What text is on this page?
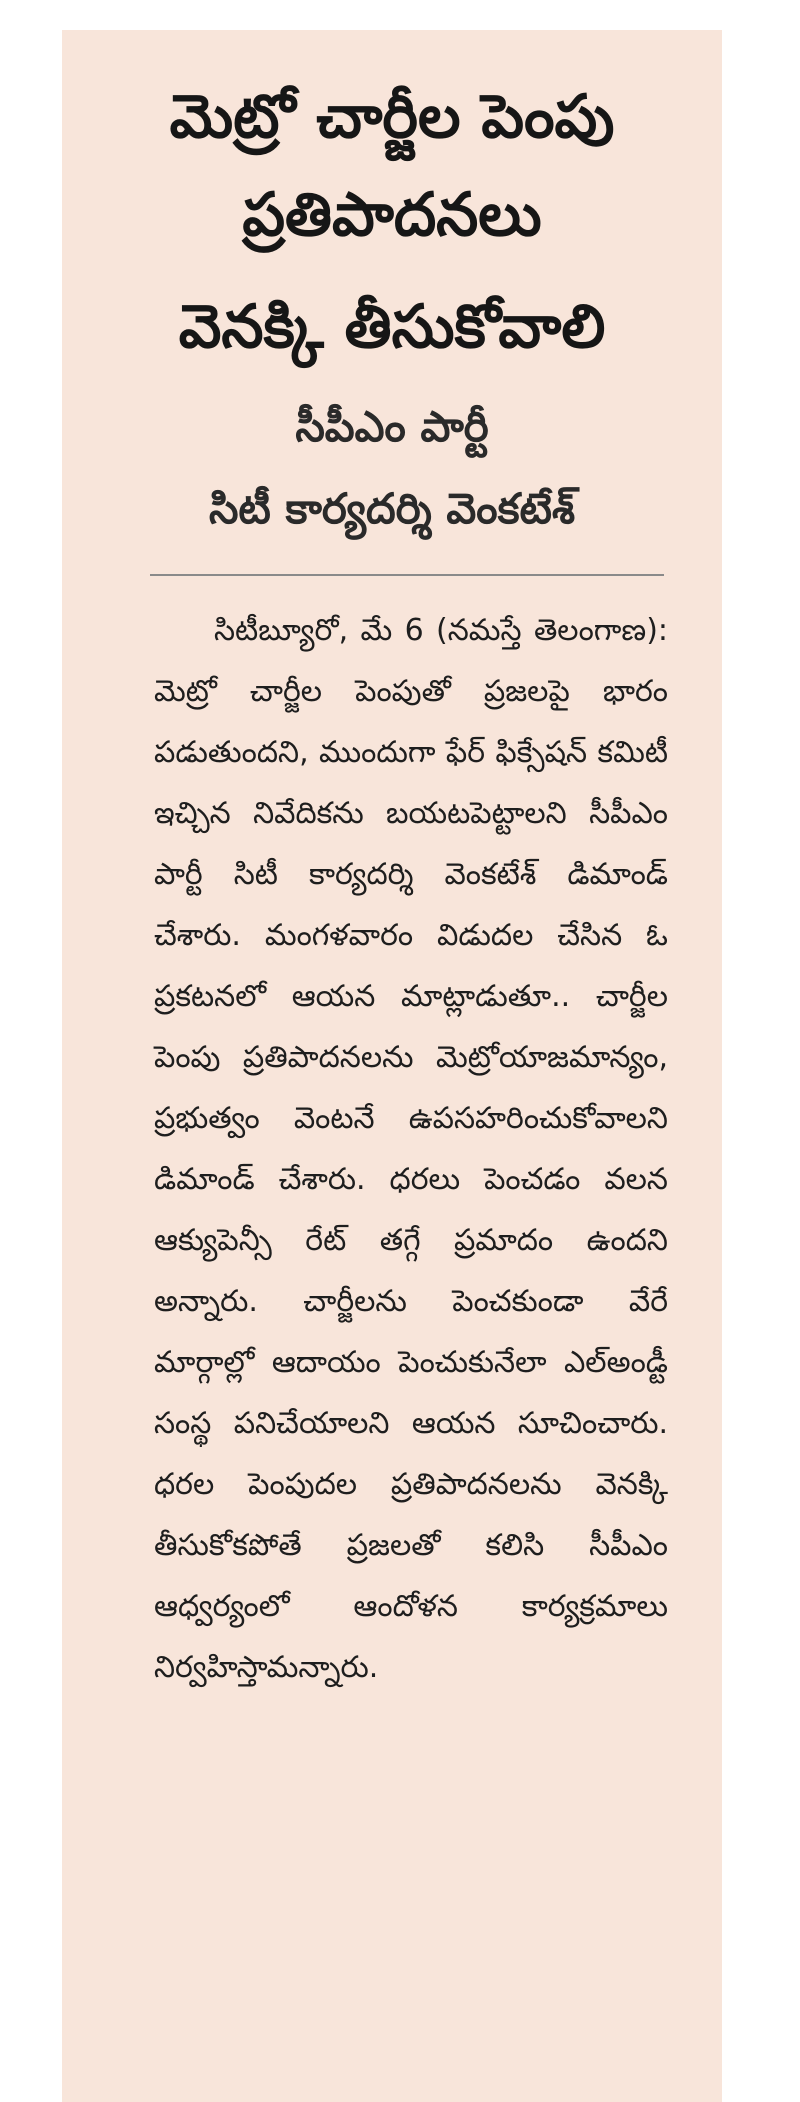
మెట్రో చార్జీల పెంపు
ప్రతిపాదనలు
వెనక్కి తీసుకోవాలి
సీపీఎం పార్టీ
సిటీ కార్యదర్శి వెంకటేశ్

సిటీబ్యూరో, మే 6 (నమస్తే తెలంగాణ): మెట్రో చార్జీల పెంపుతో ప్రజలపై భారం పడుతుందని, ముందుగా ఫేర్ ఫిక్సేషన్ కమిటీ ఇచ్చిన నివేదికను బయటపెట్టాలని సీపీఎం పార్టీ సిటీ కార్యదర్శి వెంకటేశ్ డిమాండ్ చేశారు. మంగళవారం విడుదల చేసిన ఓ ప్రకటనలో ఆయన మాట్లాడుతూ.. చార్జీల పెంపు ప్రతిపాదనలను మెట్రోయాజమాన్యం, ప్రభుత్వం వెంటనే ఉపసహరించుకోవాలని డిమాండ్ చేశారు. ధరలు పెంచడం వలన ఆక్యుపెన్సీ రేట్ తగ్గే ప్రమాదం ఉందని అన్నారు. చార్జీలను పెంచకుండా వేరే మార్గాల్లో ఆదాయం పెంచుకునేలా ఎల్అండ్టీ సంస్థ పనిచేయాలని ఆయన సూచించారు. ధరల పెంపుదల ప్రతిపాదనలను వెనక్కి తీసుకోకపోతే ప్రజలతో కలిసి సీపీఎం ఆధ్వర్యంలో ఆందోళన కార్యక్రమాలు నిర్వహిస్తామన్నారు.
